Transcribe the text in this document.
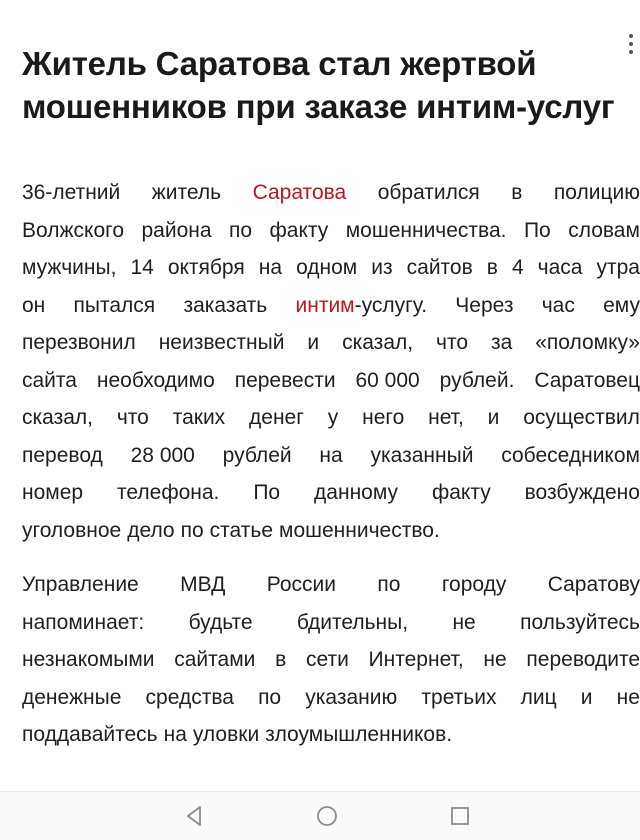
Житель Саратова стал жертвой мошенников при заказе интим-услуг
36-летний житель Саратова обратился в полицию
Волжского района по факту мошенничества. По словам
мужчины, 14 октября на одном из сайтов в 4 часа утра
он пытался заказать интим-услугу. Через час ему
перезвонил неизвестный и сказал, что за «поломку»
сайта необходимо перевести 60 000 рублей. Саратовец
сказал, что таких денег у него нет, и осуществил
перевод 28 000 рублей на указанный собеседником
номер телефона. По данному факту возбуждено
уголовное дело по статье мошенничество.
Управление МВД России по городу Саратову
напоминает: будьте бдительны, не пользуйтесь
незнакомыми сайтами в сети Интернет, не переводите
денежные средства по указанию третьих лиц и не
поддавайтесь на уловки злоумышленников.
